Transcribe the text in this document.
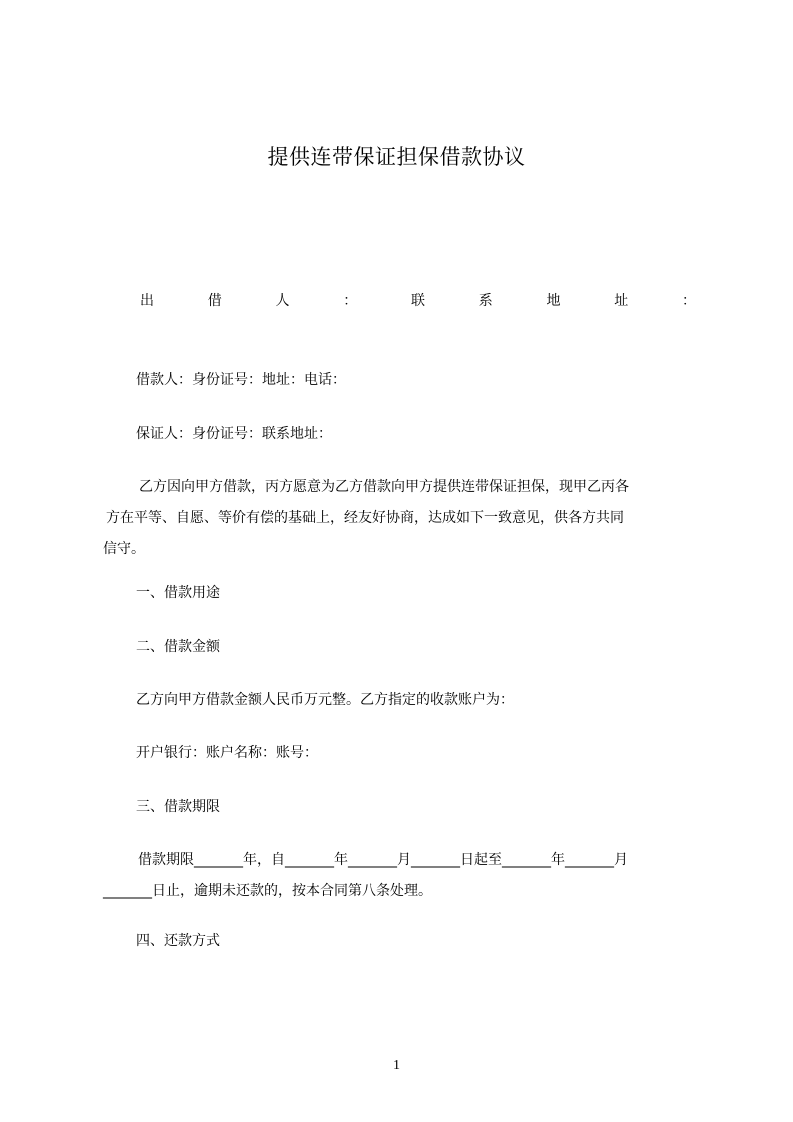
提供连带保证担保借款协议
出	借	人	：	联	系	地	址	：
借款人：身份证号：地址：电话：
保证人：身份证号：联系地址：
乙方因向甲方借款，丙方愿意为乙方借款向甲方提供连带保证担保，现甲乙丙各
方在平等、自愿、等价有偿的基础上，经友好协商，达成如下一致意见，供各方共同
信守。
一、借款用途
二、借款金额
乙方向甲方借款金额人民币万元整。乙方指定的收款账户为：
开户银行：账户名称：账号：
三、借款期限
借款期限_______年，自_______年_______月_______日起至_______年_______月
_______日止，逾期未还款的，按本合同第八条处理。
四、还款方式
1
